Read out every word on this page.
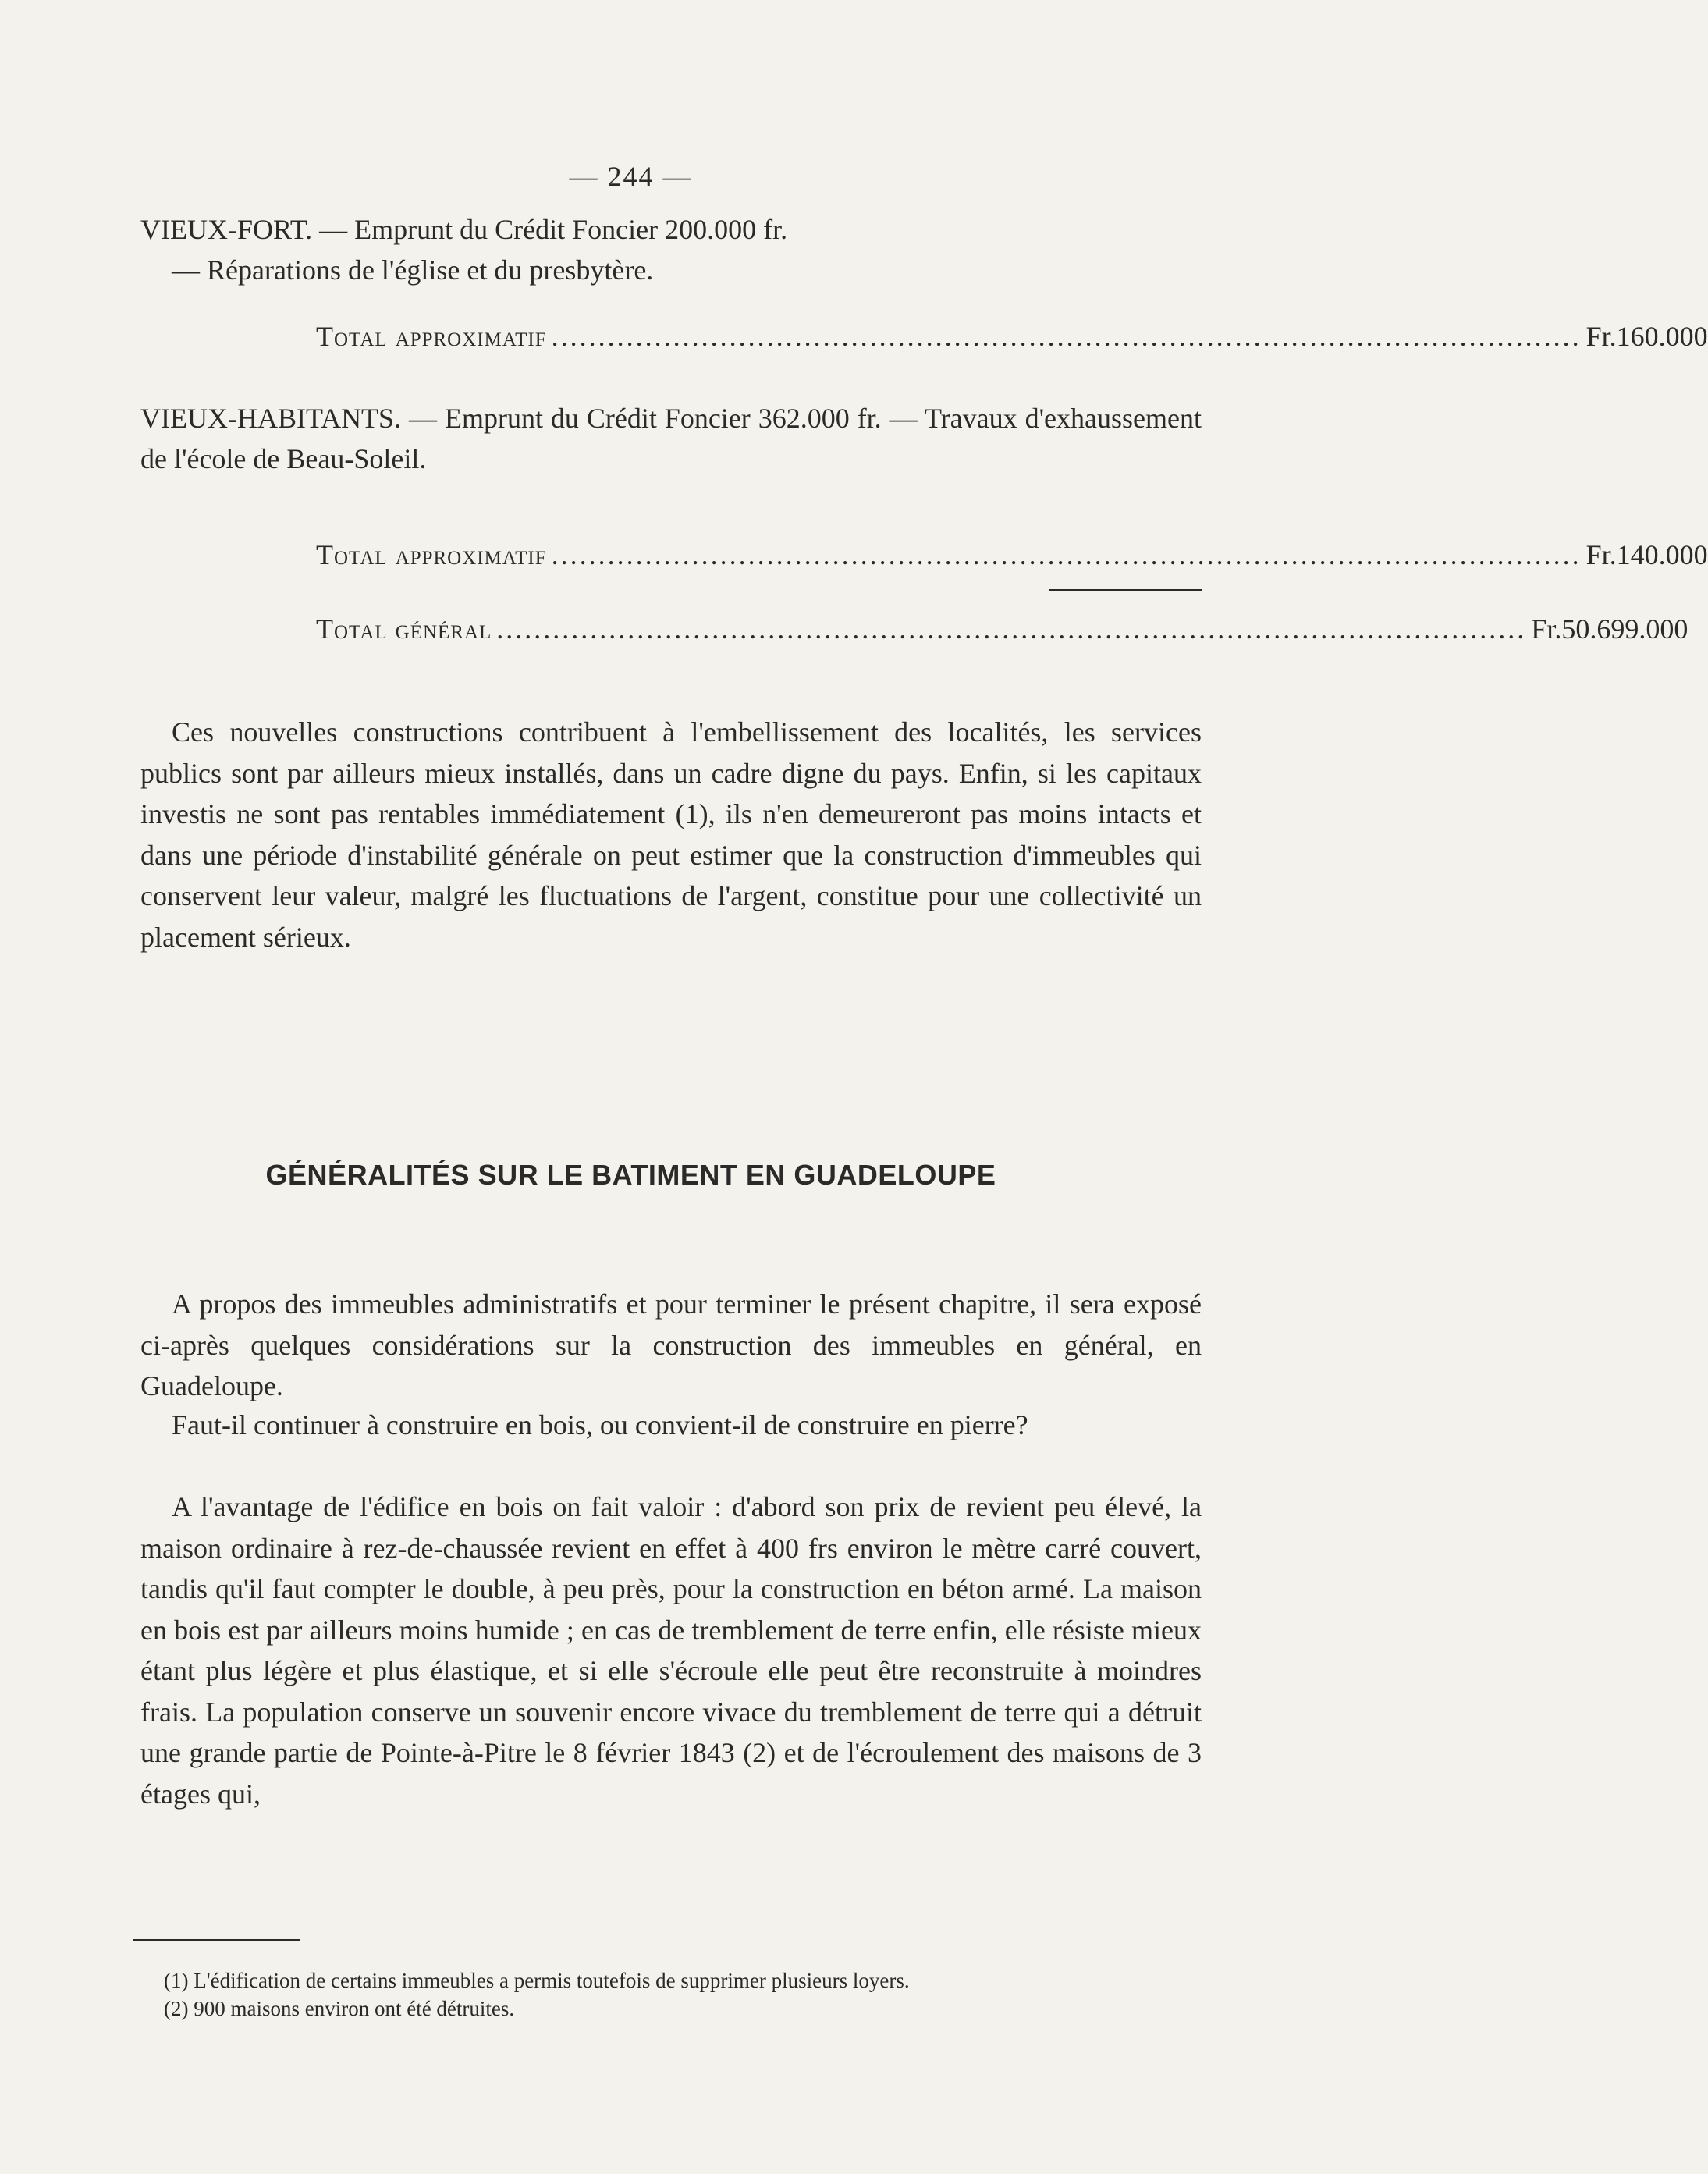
— 244 —

VIEUX-FORT. — Emprunt du Crédit Foncier 200.000 fr.

— Réparations de l'église et du presbytère.

Total approximatif .............................................................................................................. Fr. 160.000

VIEUX-HABITANTS. — Emprunt du Crédit Foncier 362.000 fr. — Travaux d'exhaussement de l'école de Beau-Soleil.

Total approximatif .............................................................................................................. Fr. 140.000
Total général .............................................................................................................. Fr. 50.699.000

Ces nouvelles constructions contribuent à l'embellissement des localités, les services publics sont par ailleurs mieux installés, dans un cadre digne du pays. Enfin, si les capitaux investis ne sont pas rentables immédiatement (1), ils n'en demeureront pas moins intacts et dans une période d'instabilité générale on peut estimer que la construction d'immeubles qui conservent leur valeur, malgré les fluctuations de l'argent, constitue pour une collectivité un placement sérieux.

GÉNÉRALITÉS SUR LE BATIMENT EN GUADELOUPE

A propos des immeubles administratifs et pour terminer le présent chapitre, il sera exposé ci-après quelques considérations sur la construction des immeubles en général, en Guadeloupe.

Faut-il continuer à construire en bois, ou convient-il de construire en pierre?

A l'avantage de l'édifice en bois on fait valoir : d'abord son prix de revient peu élevé, la maison ordinaire à rez-de-chaussée revient en effet à 400 frs environ le mètre carré couvert, tandis qu'il faut compter le double, à peu près, pour la construction en béton armé. La maison en bois est par ailleurs moins humide ; en cas de tremblement de terre enfin, elle résiste mieux étant plus légère et plus élastique, et si elle s'écroule elle peut être reconstruite à moindres frais. La population conserve un souvenir encore vivace du tremblement de terre qui a détruit une grande partie de Pointe-à-Pitre le 8 février 1843 (2) et de l'écroulement des maisons de 3 étages qui,

(1) L'édification de certains immeubles a permis toutefois de supprimer plusieurs loyers.

(2) 900 maisons environ ont été détruites.
